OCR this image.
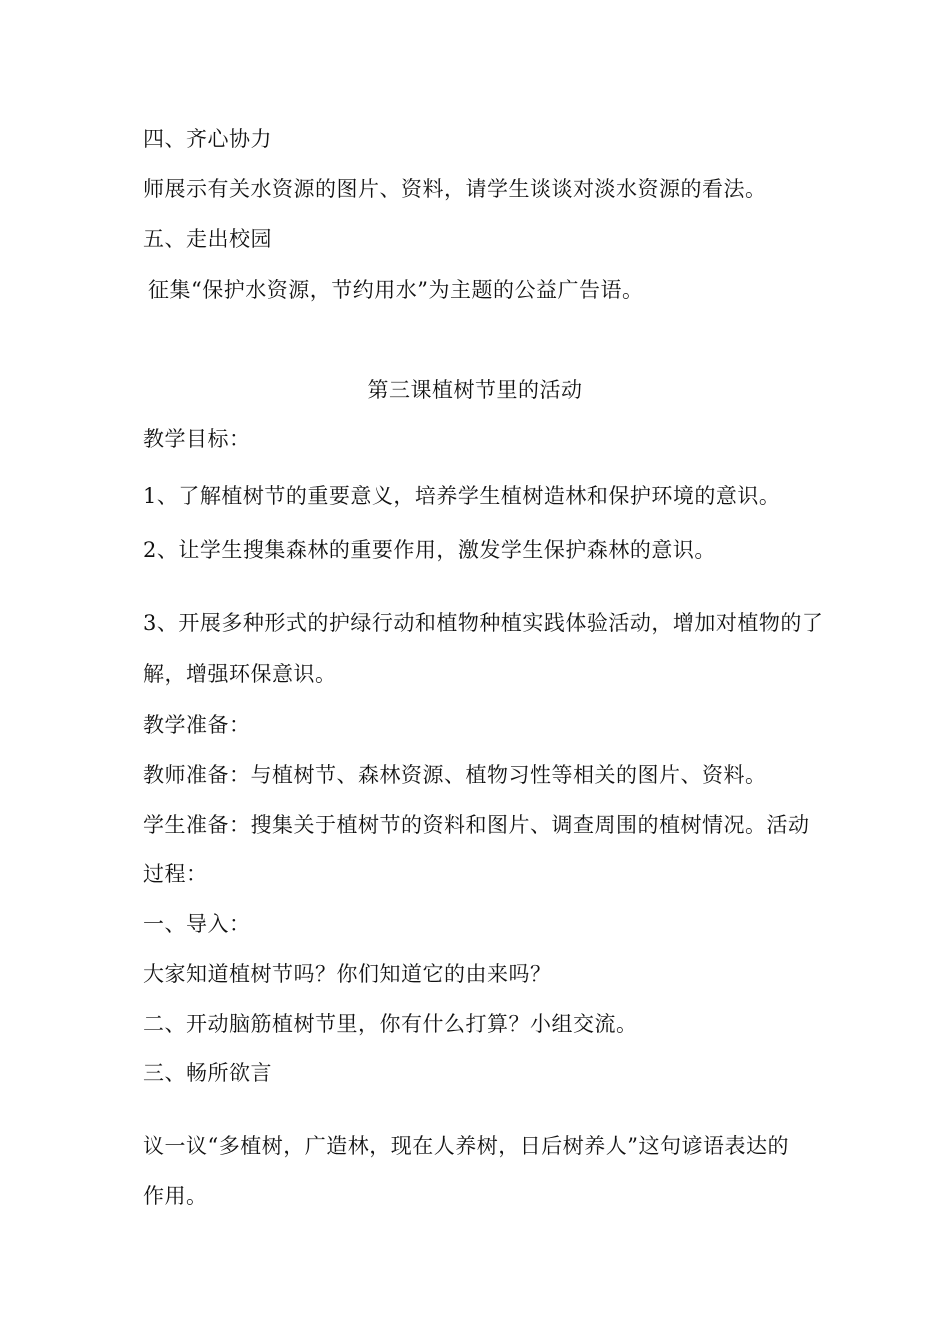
四、齐心协力
师展示有关水资源的图片、资料，请学生谈谈对淡水资源的看法。
五、走出校园
征集“保护水资源，节约用水”为主题的公益广告语。
第三课植树节里的活动
教学目标：
1、了解植树节的重要意义，培养学生植树造林和保护环境的意识。
2、让学生搜集森林的重要作用，激发学生保护森林的意识。
3、开展多种形式的护绿行动和植物种植实践体验活动，增加对植物的了
解，增强环保意识。
教学准备：
教师准备：与植树节、森林资源、植物习性等相关的图片、资料。
学生准备：搜集关于植树节的资料和图片、调查周围的植树情况。活动
过程：
一、导入：
大家知道植树节吗？你们知道它的由来吗？
二、开动脑筋植树节里，你有什么打算？小组交流。
三、畅所欲言
议一议“多植树，广造林，现在人养树，日后树养人”这句谚语表达的
作用。
